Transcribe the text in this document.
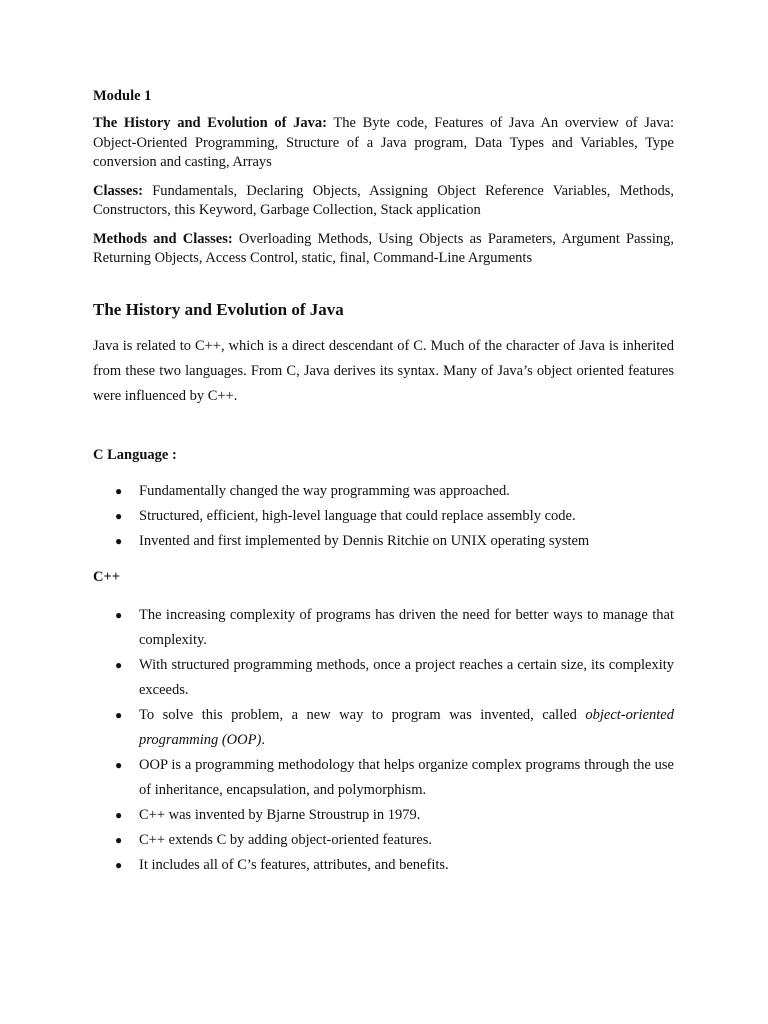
Module 1

The History and Evolution of Java: The Byte code, Features of Java An overview of Java: Object-Oriented Programming, Structure of a Java program, Data Types and Variables, Type conversion and casting, Arrays

Classes: Fundamentals, Declaring Objects, Assigning Object Reference Variables, Methods, Constructors, this Keyword, Garbage Collection, Stack application

Methods and Classes: Overloading Methods, Using Objects as Parameters, Argument Passing, Returning Objects, Access Control, static, final, Command-Line Arguments

The History and Evolution of Java

Java is related to C++, which is a direct descendant of C. Much of the character of Java is inherited from these two languages. From C, Java derives its syntax. Many of Java’s object oriented features were influenced by C++.

C Language :
● Fundamentally changed the way programming was approached.
● Structured, efficient, high-level language that could replace assembly code.
● Invented and first implemented by Dennis Ritchie on UNIX operating system
C++
● The increasing complexity of programs has driven the need for better ways to manage that complexity.
● With structured programming methods, once a project reaches a certain size, its complexity exceeds.
● To solve this problem, a new way to program was invented, called object-oriented programming (OOP).
● OOP is a programming methodology that helps organize complex programs through the use of inheritance, encapsulation, and polymorphism.
● C++ was invented by Bjarne Stroustrup in 1979.
● C++ extends C by adding object-oriented features.
● It includes all of C’s features, attributes, and benefits.
